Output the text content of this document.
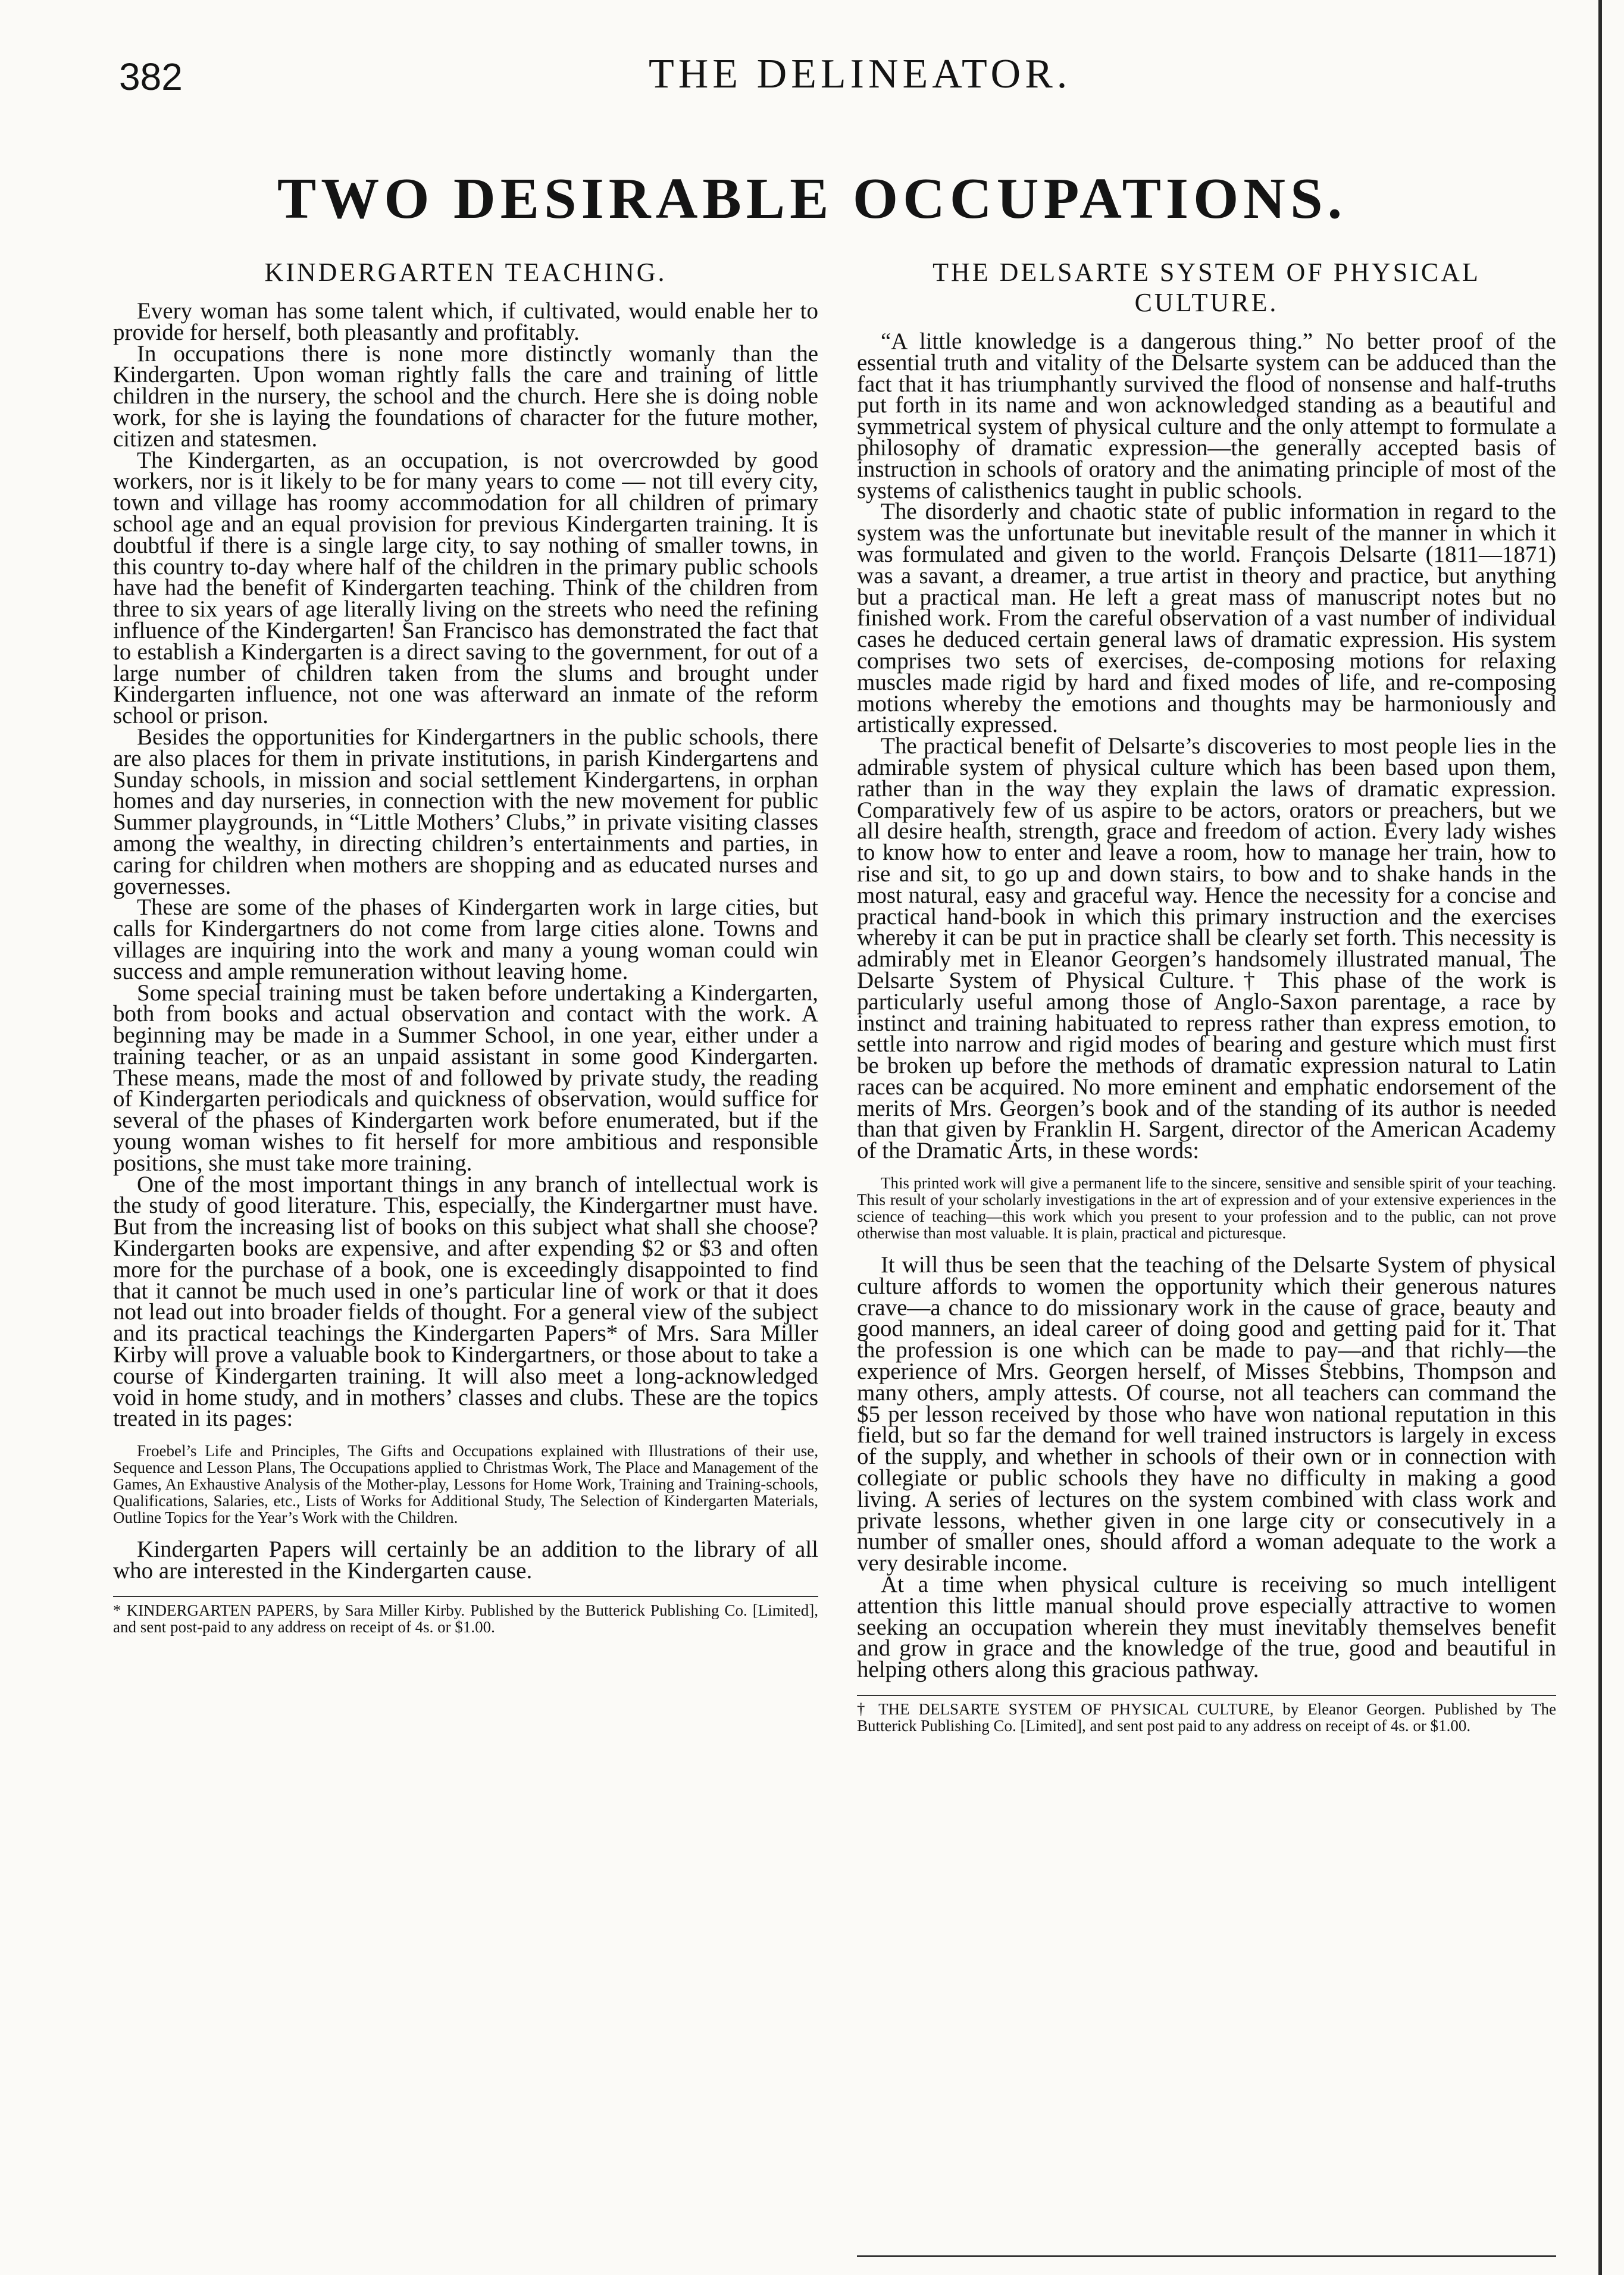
382	THE DELINEATOR.
TWO DESIRABLE OCCUPATIONS.
KINDERGARTEN TEACHING.

Every woman has some talent which, if cultivated, would enable her to provide for herself, both pleasantly and profitably.

In occupations there is none more distinctly womanly than the Kindergarten. Upon woman rightly falls the care and training of little children in the nursery, the school and the church. Here she is doing noble work, for she is laying the foundations of character for the future mother, citizen and statesmen.

The Kindergarten, as an occupation, is not overcrowded by good workers, nor is it likely to be for many years to come — not till every city, town and village has roomy accommodation for all children of primary school age and an equal provision for previous Kindergarten training. It is doubtful if there is a single large city, to say nothing of smaller towns, in this country to-day where half of the children in the primary public schools have had the benefit of Kindergarten teaching. Think of the children from three to six years of age literally living on the streets who need the refining influence of the Kindergarten! San Francisco has demonstrated the fact that to establish a Kindergarten is a direct saving to the government, for out of a large number of children taken from the slums and brought under Kindergarten influence, not one was afterward an inmate of the reform school or prison.

Besides the opportunities for Kindergartners in the public schools, there are also places for them in private institutions, in parish Kindergartens and Sunday schools, in mission and social settlement Kindergartens, in orphan homes and day nurseries, in connection with the new movement for public Summer playgrounds, in “Little Mothers’ Clubs,” in private visiting classes among the wealthy, in directing children’s entertainments and parties, in caring for children when mothers are shopping and as educated nurses and governesses.

These are some of the phases of Kindergarten work in large cities, but calls for Kindergartners do not come from large cities alone. Towns and villages are inquiring into the work and many a young woman could win success and ample remuneration without leaving home.

Some special training must be taken before undertaking a Kindergarten, both from books and actual observation and contact with the work. A beginning may be made in a Summer School, in one year, either under a training teacher, or as an unpaid assistant in some good Kindergarten. These means, made the most of and followed by private study, the reading of Kindergarten periodicals and quickness of observation, would suffice for several of the phases of Kindergarten work before enumerated, but if the young woman wishes to fit herself for more ambitious and responsible positions, she must take more training.

One of the most important things in any branch of intellectual work is the study of good literature. This, especially, the Kindergartner must have. But from the increasing list of books on this subject what shall she choose? Kindergarten books are expensive, and after expending $2 or $3 and often more for the purchase of a book, one is exceedingly disappointed to find that it cannot be much used in one’s particular line of work or that it does not lead out into broader fields of thought. For a general view of the subject and its practical teachings the Kindergarten Papers* of Mrs. Sara Miller Kirby will prove a valuable book to Kindergartners, or those about to take a course of Kindergarten training. It will also meet a long-acknowledged void in home study, and in mothers’ classes and clubs. These are the topics treated in its pages:

Froebel’s Life and Principles, The Gifts and Occupations explained with Illustrations of their use, Sequence and Lesson Plans, The Occupations applied to Christmas Work, The Place and Management of the Games, An Exhaustive Analysis of the Mother-play, Lessons for Home Work, Training and Training-schools, Qualifications, Salaries, etc., Lists of Works for Additional Study, The Selection of Kindergarten Materials, Outline Topics for the Year’s Work with the Children.

Kindergarten Papers will certainly be an addition to the library of all who are interested in the Kindergarten cause.

* KINDERGARTEN PAPERS, by Sara Miller Kirby. Published by the Butterick Publishing Co. [Limited], and sent post-paid to any address on receipt of 4s. or $1.00.

THE DELSARTE SYSTEM OF PHYSICAL CULTURE.

“A little knowledge is a dangerous thing.” No better proof of the essential truth and vitality of the Delsarte system can be adduced than the fact that it has triumphantly survived the flood of nonsense and half-truths put forth in its name and won acknowledged standing as a beautiful and symmetrical system of physical culture and the only attempt to formulate a philosophy of dramatic expression—the generally accepted basis of instruction in schools of oratory and the animating principle of most of the systems of calisthenics taught in public schools.

The disorderly and chaotic state of public information in regard to the system was the unfortunate but inevitable result of the manner in which it was formulated and given to the world. François Delsarte (1811—1871) was a savant, a dreamer, a true artist in theory and practice, but anything but a practical man. He left a great mass of manuscript notes but no finished work. From the careful observation of a vast number of individual cases he deduced certain general laws of dramatic expression. His system comprises two sets of exercises, de-composing motions for relaxing muscles made rigid by hard and fixed modes of life, and re-composing motions whereby the emotions and thoughts may be harmoniously and artistically expressed.

The practical benefit of Delsarte’s discoveries to most people lies in the admirable system of physical culture which has been based upon them, rather than in the way they explain the laws of dramatic expression. Comparatively few of us aspire to be actors, orators or preachers, but we all desire health, strength, grace and freedom of action. Every lady wishes to know how to enter and leave a room, how to manage her train, how to rise and sit, to go up and down stairs, to bow and to shake hands in the most natural, easy and graceful way. Hence the necessity for a concise and practical hand-book in which this primary instruction and the exercises whereby it can be put in practice shall be clearly set forth. This necessity is admirably met in Eleanor Georgen’s handsomely illustrated manual, The Delsarte System of Physical Culture.† This phase of the work is particularly useful among those of Anglo-Saxon parentage, a race by instinct and training habituated to repress rather than express emotion, to settle into narrow and rigid modes of bearing and gesture which must first be broken up before the methods of dramatic expression natural to Latin races can be acquired. No more eminent and emphatic endorsement of the merits of Mrs. Georgen’s book and of the standing of its author is needed than that given by Franklin H. Sargent, director of the American Academy of the Dramatic Arts, in these words:

This printed work will give a permanent life to the sincere, sensitive and sensible spirit of your teaching. This result of your scholarly investigations in the art of expression and of your extensive experiences in the science of teaching—this work which you present to your profession and to the public, can not prove otherwise than most valuable. It is plain, practical and picturesque.

It will thus be seen that the teaching of the Delsarte System of physical culture affords to women the opportunity which their generous natures crave—a chance to do missionary work in the cause of grace, beauty and good manners, an ideal career of doing good and getting paid for it. That the profession is one which can be made to pay—and that richly—the experience of Mrs. Georgen herself, of Misses Stebbins, Thompson and many others, amply attests. Of course, not all teachers can command the $5 per lesson received by those who have won national reputation in this field, but so far the demand for well trained instructors is largely in excess of the supply, and whether in schools of their own or in connection with collegiate or public schools they have no difficulty in making a good living. A series of lectures on the system combined with class work and private lessons, whether given in one large city or consecutively in a number of smaller ones, should afford a woman adequate to the work a very desirable income.

At a time when physical culture is receiving so much intelligent attention this little manual should prove especially attractive to women seeking an occupation wherein they must inevitably themselves benefit and grow in grace and the knowledge of the true, good and beautiful in helping others along this gracious pathway.

† THE DELSARTE SYSTEM OF PHYSICAL CULTURE, by Eleanor Georgen. Published by The Butterick Publishing Co. [Limited], and sent post paid to any address on receipt of 4s. or $1.00.
